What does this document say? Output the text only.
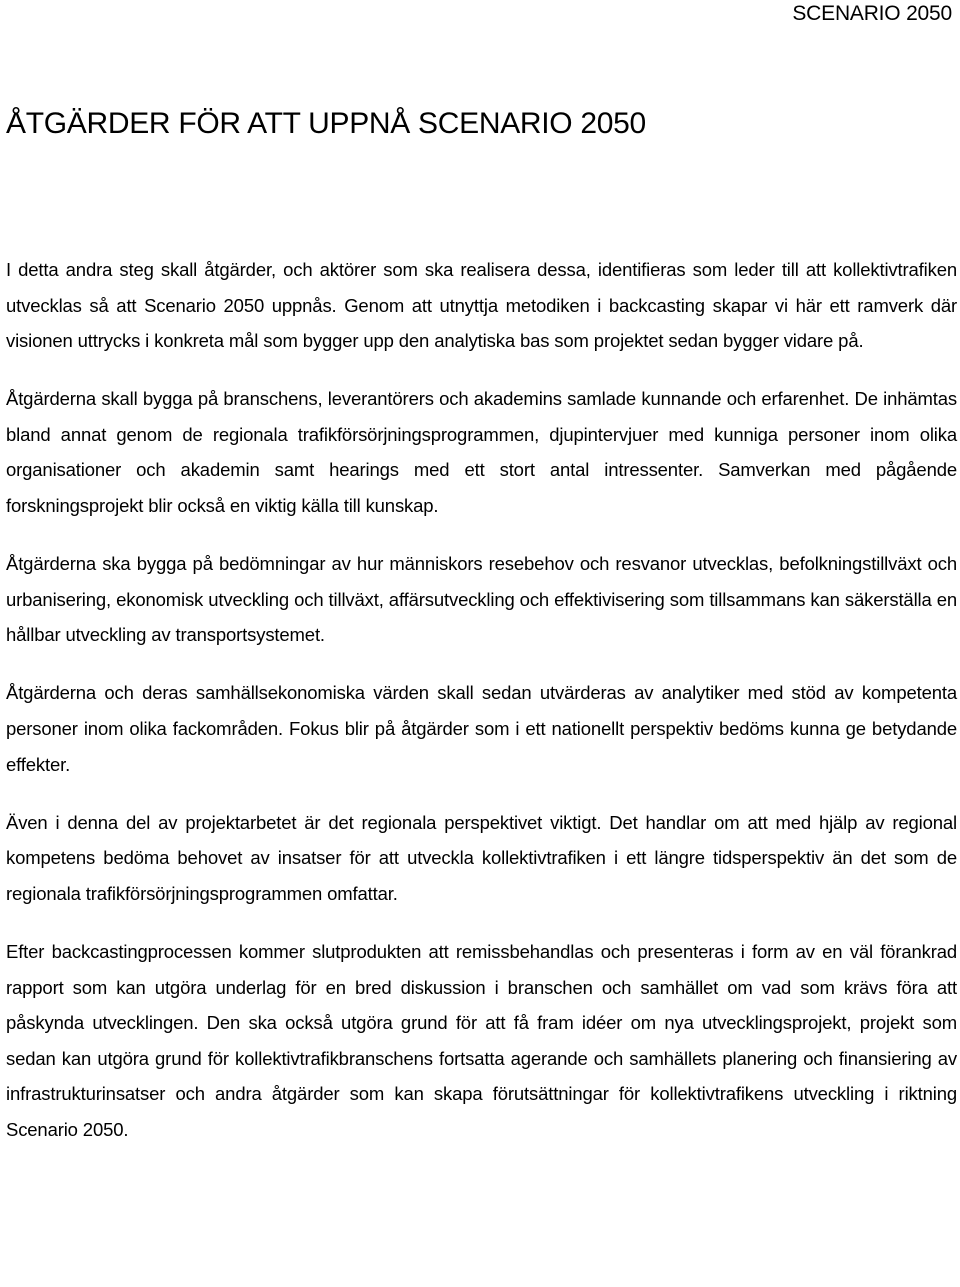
SCENARIO 2050
ÅTGÄRDER FÖR ATT UPPNÅ SCENARIO 2050

I detta andra steg skall åtgärder, och aktörer som ska realisera dessa, identifieras som leder till att kollektivtrafiken utvecklas så att Scenario 2050 uppnås. Genom att utnyttja metodiken i backcasting skapar vi här ett ramverk där visionen uttrycks i konkreta mål som bygger upp den analytiska bas som projektet sedan bygger vidare på.

Åtgärderna skall bygga på branschens, leverantörers och akademins samlade kunnande och erfarenhet. De inhämtas bland annat genom de regionala trafikförsörjningsprogrammen, djupintervjuer med kunniga personer inom olika organisationer och akademin samt hearings med ett stort antal intressenter. Samverkan med pågående forskningsprojekt blir också en viktig källa till kunskap.

Åtgärderna ska bygga på bedömningar av hur människors resebehov och resvanor utvecklas, befolkningstillväxt och urbanisering, ekonomisk utveckling och tillväxt, affärsutveckling och effektivisering som tillsammans kan säkerställa en hållbar utveckling av transportsystemet.

Åtgärderna och deras samhällsekonomiska värden skall sedan utvärderas av analytiker med stöd av kompetenta personer inom olika fackområden. Fokus blir på åtgärder som i ett nationellt perspektiv bedöms kunna ge betydande effekter.

Även i denna del av projektarbetet är det regionala perspektivet viktigt. Det handlar om att med hjälp av regional kompetens bedöma behovet av insatser för att utveckla kollektivtrafiken i ett längre tidsperspektiv än det som de regionala trafikförsörjningsprogrammen omfattar.

Efter backcastingprocessen kommer slutprodukten att remissbehandlas och presenteras i form av en väl förankrad rapport som kan utgöra underlag för en bred diskussion i branschen och samhället om vad som krävs föra att påskynda utvecklingen. Den ska också utgöra grund för att få fram idéer om nya utvecklingsprojekt, projekt som sedan kan utgöra grund för kollektivtrafikbranschens fortsatta agerande och samhällets planering och finansiering av infrastrukturinsatser och andra åtgärder som kan skapa förutsättningar för kollektivtrafikens utveckling i riktning Scenario 2050.
